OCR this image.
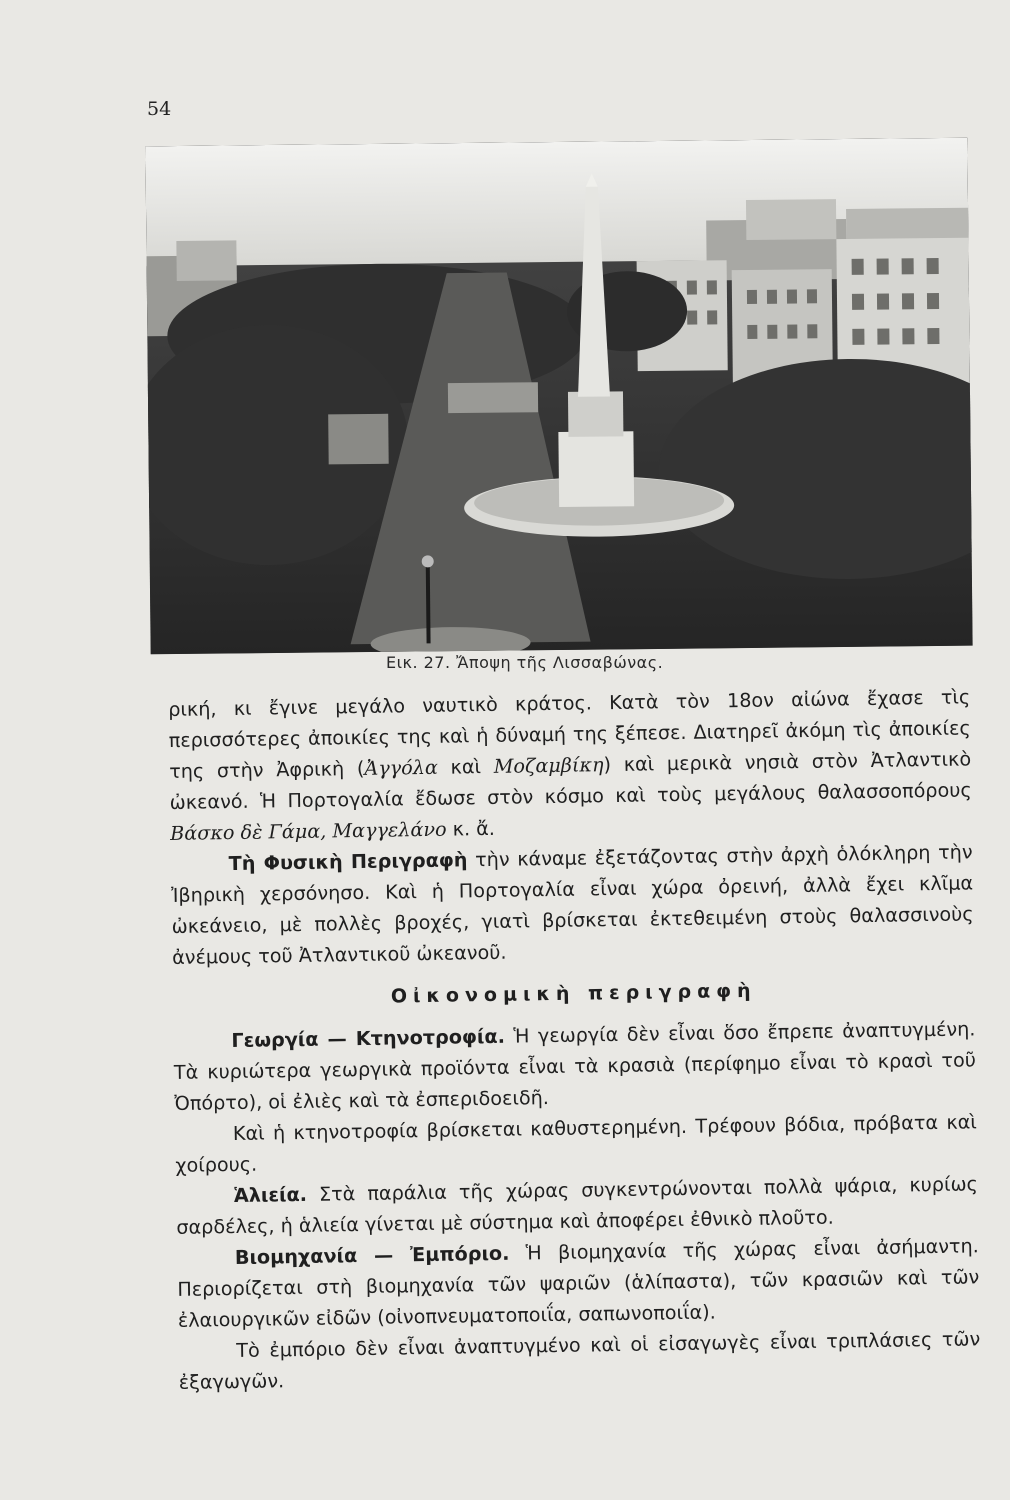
54
Εικ. 27. Ἄποψη τῆς Λισσαβώνας.

ρική, κι ἔγινε μεγάλο ναυτικὸ κράτος. Κατὰ τὸν 18ον αἰώνα ἔχασε τὶς περισσότερες ἀποικίες της καὶ ἡ δύναμή της ξέπεσε. Διατηρεῖ ἀκόμη τὶς ἀποικίες της στὴν Ἀφρικὴ (Ἀγγόλα καὶ Μοζαμβίκη) καὶ μερικὰ νησιὰ στὸν Ἀτλαντικὸ ὠκεανό. Ἡ Πορτογαλία ἔδωσε στὸν κόσμο καὶ τοὺς μεγάλους θαλασσοπόρους Βάσκο δὲ Γάμα, Μαγγελάνο κ. ἄ.

Τὴ Φυσικὴ Περιγραφὴ τὴν κάναμε ἐξετάζοντας στὴν ἀρχὴ ὁλόκληρη τὴν Ἰβηρικὴ χερσόνησο. Καὶ ἡ Πορτογαλία εἶναι χώρα ὀρεινή, ἀλλὰ ἔχει κλῖμα ὠκεάνειο, μὲ πολλὲς βροχές, γιατὶ βρίσκεται ἐκτεθειμένη στοὺς θαλασσινοὺς ἀνέμους τοῦ Ἀτλαντικοῦ ὠκεανοῦ.

Οἰκονομικὴ περιγραφὴ

Γεωργία — Κτηνοτροφία. Ἡ γεωργία δὲν εἶναι ὅσο ἔπρεπε ἀναπτυγμένη. Τὰ κυριώτερα γεωργικὰ προϊόντα εἶναι τὰ κρασιὰ (περίφημο εἶναι τὸ κρασὶ τοῦ Ὀπόρτο), οἱ ἐλιὲς καὶ τὰ ἐσπεριδοειδῆ.

Καὶ ἡ κτηνοτροφία βρίσκεται καθυστερημένη. Τρέφουν βόδια, πρόβατα καὶ χοίρους.

Ἁλιεία. Στὰ παράλια τῆς χώρας συγκεντρώνονται πολλὰ ψάρια, κυρίως σαρδέλες, ἡ ἁλιεία γίνεται μὲ σύστημα καὶ ἀποφέρει ἐθνικὸ πλοῦτο.

Βιομηχανία — Ἐμπόριο. Ἡ βιομηχανία τῆς χώρας εἶναι ἀσήμαντη. Περιορίζεται στὴ βιομηχανία τῶν ψαριῶν (ἁλίπαστα), τῶν κρασιῶν καὶ τῶν ἐλαιουργικῶν εἰδῶν (οἰνοπνευματοποιΐα, σαπωνοποιΐα).

Τὸ ἐμπόριο δὲν εἶναι ἀναπτυγμένο καὶ οἱ εἰσαγωγὲς εἶναι τριπλάσιες τῶν ἐξαγωγῶν.
